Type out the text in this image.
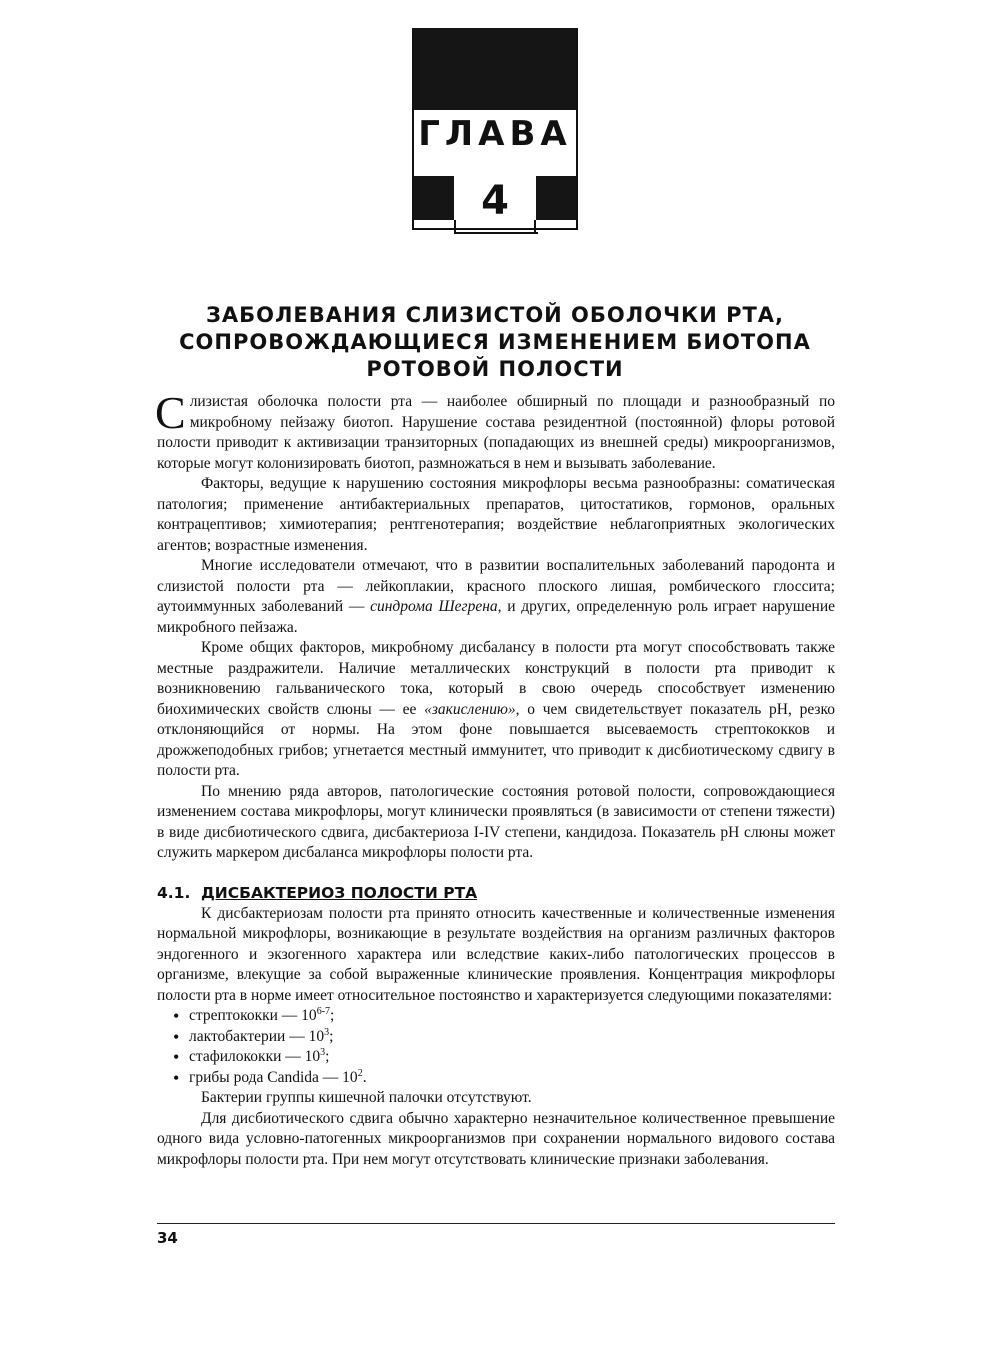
ГЛАВА
4
ЗАБОЛЕВАНИЯ СЛИЗИСТОЙ ОБОЛОЧКИ РТА,
СОПРОВОЖДАЮЩИЕСЯ ИЗМЕНЕНИЕМ БИОТОПА
РОТОВОЙ ПОЛОСТИ

Слизистая оболочка полости рта — наиболее обширный по площади и разнообразный по микробному пейзажу биотоп. Нарушение состава резидентной (постоянной) флоры ротовой полости приводит к активизации транзиторных (попадающих из внешней среды) микроорганизмов, которые могут колонизировать биотоп, размножаться в нем и вызывать заболевание.

Факторы, ведущие к нарушению состояния микрофлоры весьма разнообразны: соматическая патология; применение антибактериальных препаратов, цитостатиков, гормонов, оральных контрацептивов; химиотерапия; рентгенотерапия; воздействие неблагоприятных экологических агентов; возрастные изменения.

Многие исследователи отмечают, что в развитии воспалительных заболеваний пародонта и слизистой полости рта — лейкоплакии, красного плоского лишая, ромбического глоссита; аутоиммунных заболеваний — синдрома Шегрена, и других, определенную роль играет нарушение микробного пейзажа.

Кроме общих факторов, микробному дисбалансу в полости рта могут способствовать также местные раздражители. Наличие металлических конструкций в полости рта приводит к возникновению гальванического тока, который в свою очередь способствует изменению биохимических свойств слюны — ее «закислению», о чем свидетельствует показатель рН, резко отклоняющийся от нормы. На этом фоне повышается высеваемость стрептококков и дрожжеподобных грибов; угнетается местный иммунитет, что приводит к дисбиотическому сдвигу в полости рта.

По мнению ряда авторов, патологические состояния ротовой полости, сопровождающиеся изменением состава микрофлоры, могут клинически проявляться (в зависимости от степени тяжести) в виде дисбиотического сдвига, дисбактериоза I-IV степени, кандидоза. Показатель рН слюны может служить маркером дисбаланса микрофлоры полости рта.

4.1. ДИСБАКТЕРИОЗ ПОЛОСТИ РТА

К дисбактериозам полости рта принято относить качественные и количественные изменения нормальной микрофлоры, возникающие в результате воздействия на организм различных факторов эндогенного и экзогенного характера или вследствие каких-либо патологических процессов в организме, влекущие за собой выраженные клинические проявления. Концентрация микрофлоры полости рта в норме имеет относительное постоянство и характеризуется следующими показателями:

• стрептококки — 10$^{6-7}$;
• лактобактерии — $10^3$;
• стафилококки — $10^3$;
• грибы рода Candida — $10^2$.

Бактерии группы кишечной палочки отсутствуют.

Для дисбиотического сдвига обычно характерно незначительное количественное превышение одного вида условно-патогенных микроорганизмов при сохранении нормального видового состава микрофлоры полости рта. При нем могут отсутствовать клинические признаки заболевания.

34
